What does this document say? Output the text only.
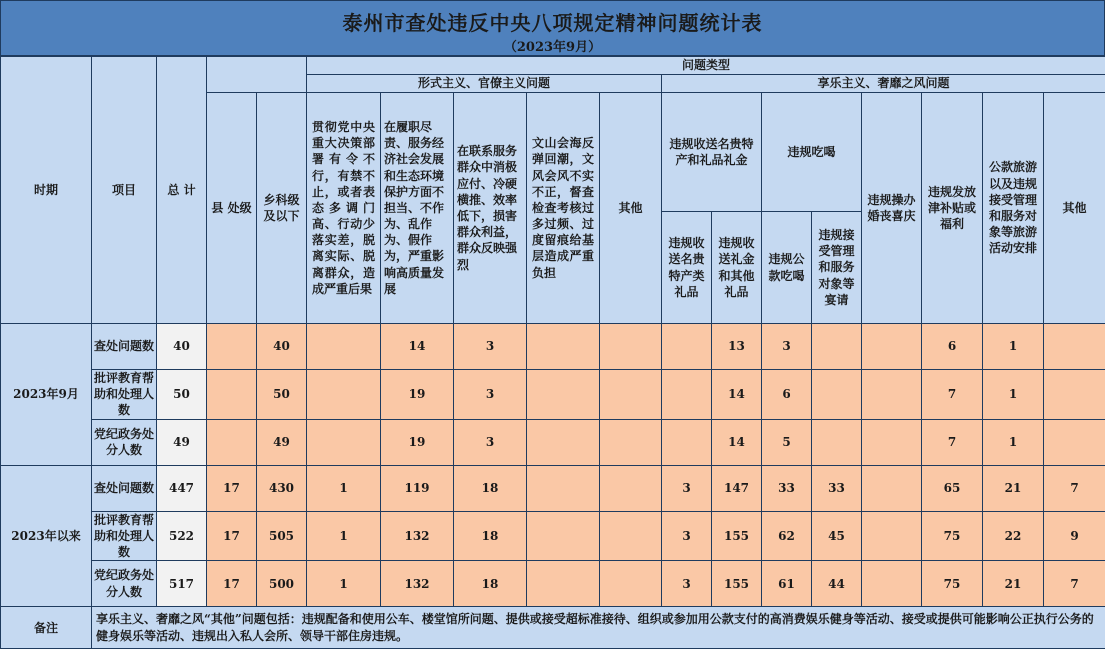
泰州市查处违反中央八项规定精神问题统计表
（2023年9月）
时期	项目	总 计			问题类型												
					形式主义、官僚主义问题					享乐主义、奢靡之风问题							
			县 处级	乡科级及以下	贯彻党中央重大决策部署有令不行，有禁不止，或者表态多调门高、行动少落实差，脱离实际、脱离群众，造成严重后果	在履职尽责、服务经济社会发展和生态环境保护方面不担当、不作为、乱作为、假作为，严重影响高质量发展	在联系服务群众中消极应付、冷硬横推、效率低下，损害群众利益，群众反映强烈	文山会海反弹回潮，文风会风不实不正，督查检查考核过多过频、过度留痕给基层造成严重负担	其他	违规收送名贵特产和礼品礼金		违规吃喝		违规操办婚丧喜庆	违规发放津补贴或福利	公款旅游以及违规接受管理和服务对象等旅游活动安排	其他
										违规收送名贵特产类礼品	违规收送礼金和其他礼品	违规公款吃喝	违规接受管理和服务对象等宴请				
2023年9月	查处问题数	40		40		14	3				13	3			6	1	
	批评教育帮助和处理人数	50		50		19	3				14	6			7	1	
	党纪政务处分人数	49		49		19	3				14	5			7	1	
2023年以来	查处问题数	447	17	430	1	119	18			3	147	33	33		65	21	7
	批评教育帮助和处理人数	522	17	505	1	132	18			3	155	62	45		75	22	9
	党纪政务处分人数	517	17	500	1	132	18			3	155	61	44		75	21	7
备注	享乐主义、奢靡之风“其他”问题包括：违规配备和使用公车、楼堂馆所问题、提供或接受超标准接待、组织或参加用公款支付的高消费娱乐健身等活动、接受或提供可能影响公正执行公务的健身娱乐等活动、违规出入私人会所、领导干部住房违规。																
